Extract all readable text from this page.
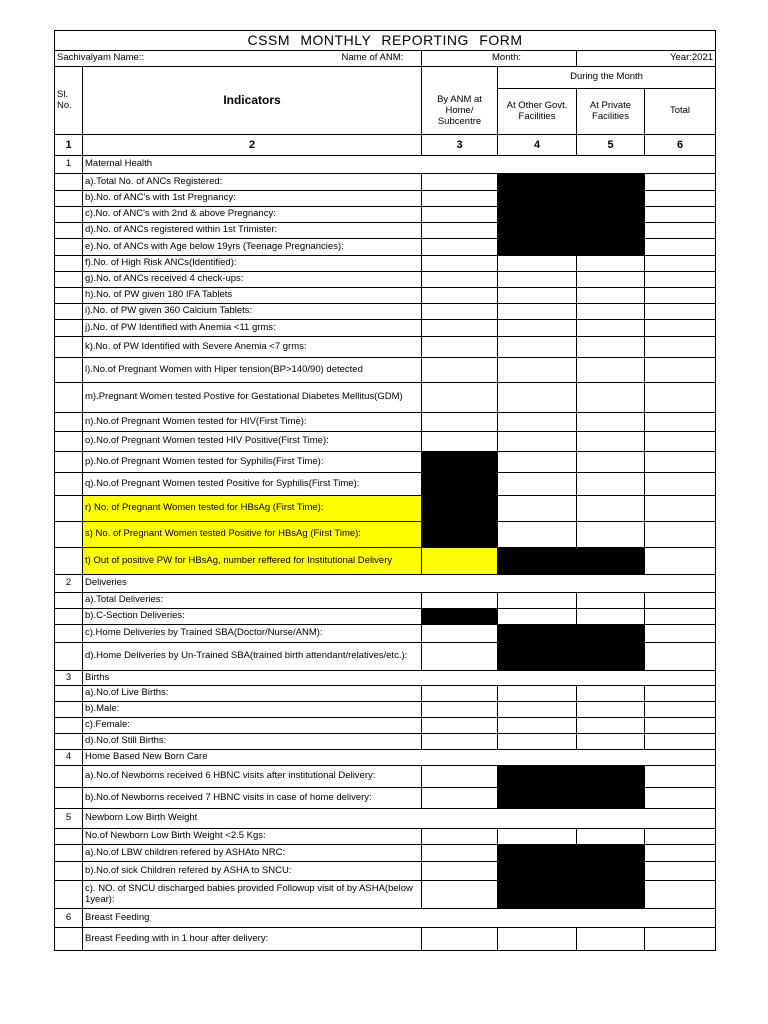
CSSM MONTHLY REPORTING FORM					
Sachivalyam Name:: Name of ANM:		Month:		Year:2021	
Sl. No.	Indicators		During the Month		
		By ANM at Home/ Subcentre	At Other Govt. Facilities	At Private Facilities	Total
1	2	3	4	5	6
1	Maternal Health				
	a).Total No. of ANCs Registered:				
	b).No. of ANC's with 1st Pregnancy:				
	c).No. of ANC's with 2nd & above Pregnancy:				
	d).No. of ANCs registered within 1st Trimister:				
	e).No. of ANCs with Age below 19yrs (Teenage Pregnancies):				
	f).No. of High Risk ANCs(Identified):				
	g).No. of ANCs received 4 check-ups:				
	h).No. of PW given 180 IFA Tablets				
	i).No. of PW given 360 Calcium Tablets:				
	j).No. of PW Identified with Anemia <11 grms:				
	k).No. of PW Identified with Severe Anemia <7 grms:				
	l).No.of Pregnant Women with Hiper tension(BP>140/90) detected				
	m).Pregnant Women tested Postive for Gestational Diabetes Mellitus(GDM)				
	n).No.of Pregnant Women tested for HIV(First Time):				
	o).No.of Pregnant Women tested HIV Positive(First Time):				
	p).No.of Pregnant Women tested for Syphilis(First Time):				
	q).No.of Pregnant Women tested Positive for Syphilis(First Time):				
	r) No. of Pregnant Women tested for HBsAg (First Time):				
	s) No. of Pregnant Women tested Positive for HBsAg (First Time):				
	t) Out of positive PW for HBsAg, number reffered for Institutional Delivery				
2	Deliveries				
	a).Total Deliveries:				
	b).C-Section Deliveries:				
	c).Home Deliveries by Trained SBA(Doctor/Nurse/ANM):				
	d).Home Deliveries by Un-Trained SBA(trained birth attendant/relatives/etc.):				
3	Births				
	a).No.of Live Births:				
	b).Male:				
	c).Female:				
	d).No.of Still Births:				
4	Home Based New Born Care				
	a).No.of Newborns received 6 HBNC visits after institutional Delivery:				
	b).No.of Newborns received 7 HBNC visits in case of home delivery:				
5	Newborn Low Birth Weight				
	No.of Newborn Low Birth Weight <2.5 Kgs:				
	a).No.of LBW children refered by ASHAto NRC:				
	b).No.of sick Children refered by ASHA to SNCU:				
	c). NO. of SNCU discharged babies provided Followup visit of by ASHA(below 1year):				
6	Breast Feeding				
	Breast Feeding with in 1 hour after delivery:				
